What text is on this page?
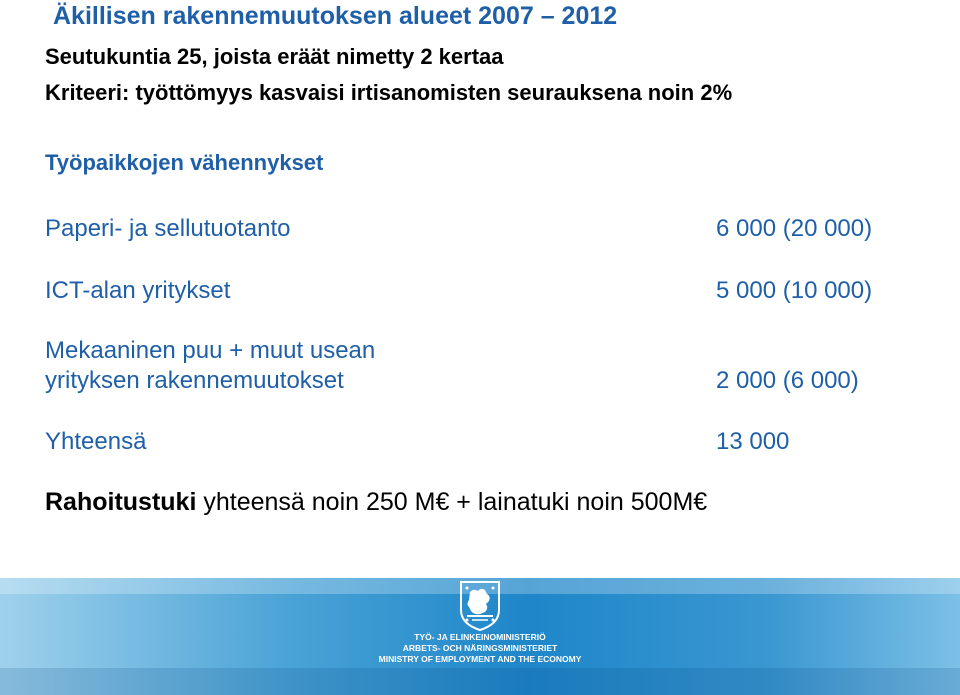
Äkillisen rakennemuutoksen alueet 2007 – 2012
Seutukuntia 25, joista eräät nimetty 2 kertaa
Kriteeri: työttömyys kasvaisi irtisanomisten seurauksena noin 2%
Työpaikkojen vähennykset
Paperi- ja sellutuotanto	6 000 (20 000)
ICT-alan yritykset	5 000 (10 000)
Mekaaninen puu + muut usean
yrityksen rakennemuutokset	2 000 (6 000)
Yhteensä	13 000
Rahoitustuki yhteensä noin 250 M€ + lainatuki noin 500M€
TYÖ- JA ELINKEINOMINISTERIÖ
ARBETS- OCH NÄRINGSMINISTERIET
MINISTRY OF EMPLOYMENT AND THE ECONOMY
